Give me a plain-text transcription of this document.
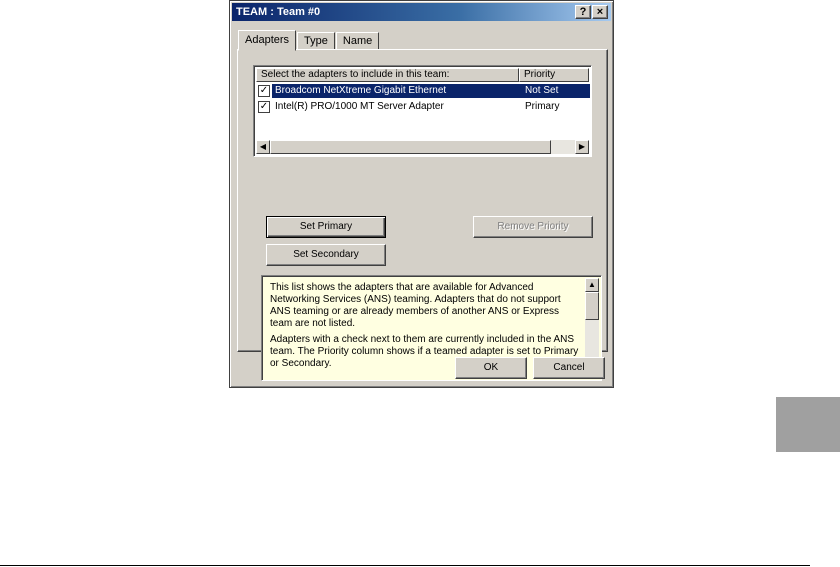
TEAM : Team #0	? ×
Adapters	Type	Name
Select the adapters to include in this team:	Priority
✓ Broadcom NetXtreme Gigabit Ethernet	Not Set
✓ Intel(R) PRO/1000 MT Server Adapter	Primary
◀	▶
Set Primary	Remove Priority
Set Secondary

This list shows the adapters that are available for Advanced Networking Services (ANS) teaming. Adapters that do not support ANS teaming or are already members of another ANS or Express team are not listed.

Adapters with a check next to them are currently included in the ANS team. The Priority column shows if a teamed adapter is set to Primary or Secondary.

▲
OK	Cancel
